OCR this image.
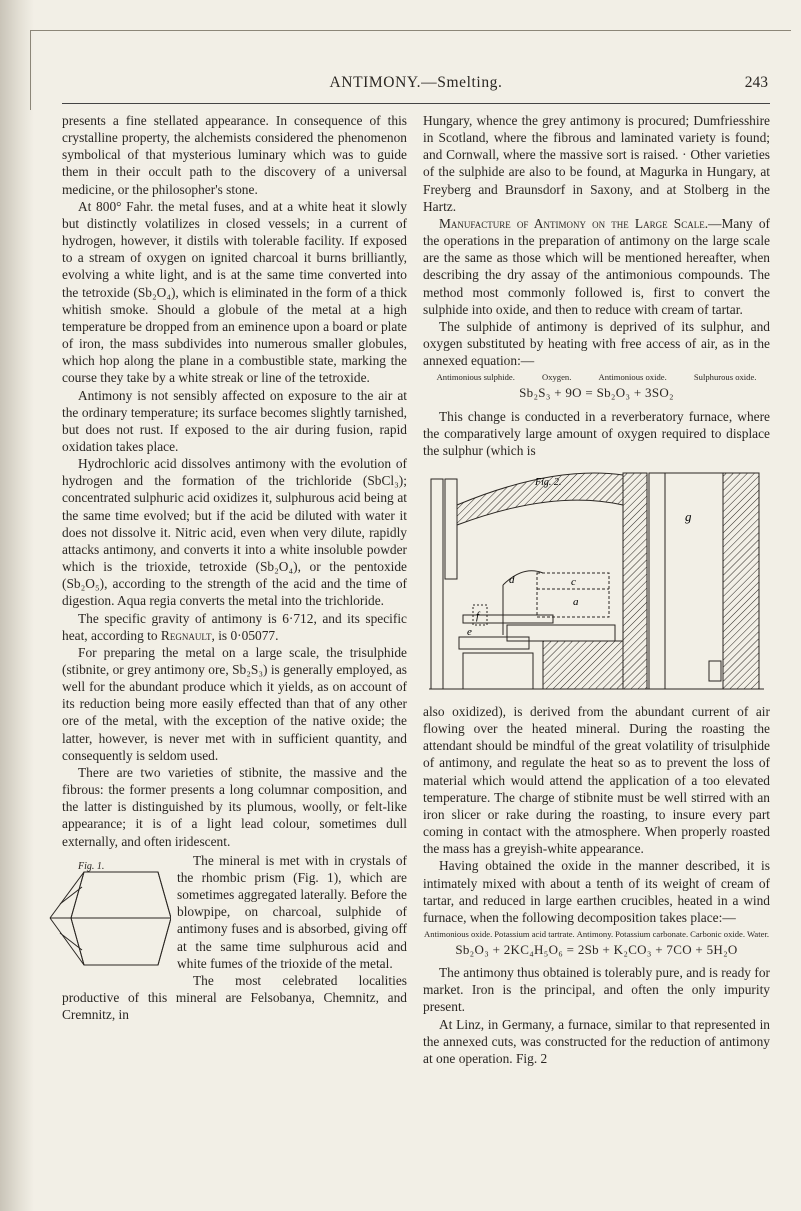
ANTIMONY.—Smelting.	243

presents a fine stellated appearance. In consequence of this crystalline property, the alchemists considered the phenomenon symbolical of that mysterious luminary which was to guide them in their occult path to the discovery of a universal medicine, or the philosopher's stone.

At 800° Fahr. the metal fuses, and at a white heat it slowly but distinctly volatilizes in closed vessels; in a current of hydrogen, however, it distils with tolerable facility. If exposed to a stream of oxygen on ignited charcoal it burns brilliantly, evolving a white light, and is at the same time converted into the tetroxide (Sb₂O₄), which is eliminated in the form of a thick whitish smoke. Should a globule of the metal at a high temperature be dropped from an eminence upon a board or plate of iron, the mass subdivides into numerous smaller globules, which hop along the plane in a combustible state, marking the course they take by a white streak or line of the tetroxide.

Antimony is not sensibly affected on exposure to the air at the ordinary temperature; its surface becomes slightly tarnished, but does not rust. If exposed to the air during fusion, rapid oxidation takes place.

Hydrochloric acid dissolves antimony with the evolution of hydrogen and the formation of the trichloride (SbCl₃); concentrated sulphuric acid oxidizes it, sulphurous acid being at the same time evolved; but if the acid be diluted with water it does not dissolve it. Nitric acid, even when very dilute, rapidly attacks antimony, and converts it into a white insoluble powder which is the trioxide, tetroxide (Sb₂O₄), or the pentoxide (Sb₂O₅), according to the strength of the acid and the time of digestion. Aqua regia converts the metal into the trichloride.

The specific gravity of antimony is 6·712, and its specific heat, according to Regnault, is 0·05077.

For preparing the metal on a large scale, the trisulphide (stibnite, or grey antimony ore, Sb₂S₃) is generally employed, as well for the abundant produce which it yields, as on account of its reduction being more easily effected than that of any other ore of the metal, with the exception of the native oxide; the latter, however, is never met with in sufficient quantity, and consequently is seldom used.

There are two varieties of stibnite, the massive and the fibrous: the former presents a long columnar composition, and the latter is distinguished by its plumous, woolly, or felt-like appearance; it is of a light lead colour, sometimes dull externally, and often iridescent.

Fig. 1.	The mineral is met with in crystals of the rhombic prism (Fig. 1), which are sometimes aggregated laterally. Before the blowpipe, on charcoal, sulphide of antimony fuses and is absorbed, giving off at the same time sulphurous acid and white fumes of the trioxide of the metal.

The most celebrated localities productive of this mineral are Felsobanya, Chemnitz, and Cremnitz, in

Hungary, whence the grey antimony is procured; Dumfriesshire in Scotland, where the fibrous and laminated variety is found; and Cornwall, where the massive sort is raised. · Other varieties of the sulphide are also to be found, at Magurka in Hungary, at Freyberg and Braunsdorf in Saxony, and at Stolberg in the Hartz.

Manufacture of Antimony on the Large Scale.—Many of the operations in the preparation of antimony on the large scale are the same as those which will be mentioned hereafter, when describing the dry assay of the antimonious compounds. The method most commonly followed is, first to convert the sulphide into oxide, and then to reduce with cream of tartar.

The sulphide of antimony is deprived of its sulphur, and oxygen substituted by heating with free access of air, as in the annexed equation:—

Antimonious sulphide.	Oxygen.	Antimonious oxide.	Sulphurous oxide.
Sb₂S₃ + 9O = Sb₂O₃ + 3SO₂

This change is conducted in a reverberatory furnace, where the comparatively large amount of oxygen required to displace the sulphur (which is

Fig. 2.
g
d	c
f
a
e

also oxidized), is derived from the abundant current of air flowing over the heated mineral. During the roasting the attendant should be mindful of the great volatility of trisulphide of antimony, and regulate the heat so as to prevent the loss of material which would attend the application of a too elevated temperature. The charge of stibnite must be well stirred with an iron slicer or rake during the roasting, to insure every part coming in contact with the atmosphere. When properly roasted the mass has a greyish-white appearance.

Having obtained the oxide in the manner described, it is intimately mixed with about a tenth of its weight of cream of tartar, and reduced in large earthen crucibles, heated in a wind furnace, when the following decomposition takes place:—

Antimonious oxide. Potassium acid tartrate. Antimony. Potassium carbonate. Carbonic oxide. Water.
Sb₂O₃ + 2KC₄H₅O₆ = 2Sb + K₂CO₃ + 7CO + 5H₂O

The antimony thus obtained is tolerably pure, and is ready for market. Iron is the principal, and often the only impurity present.

At Linz, in Germany, a furnace, similar to that represented in the annexed cuts, was constructed for the reduction of antimony at one operation. Fig. 2
